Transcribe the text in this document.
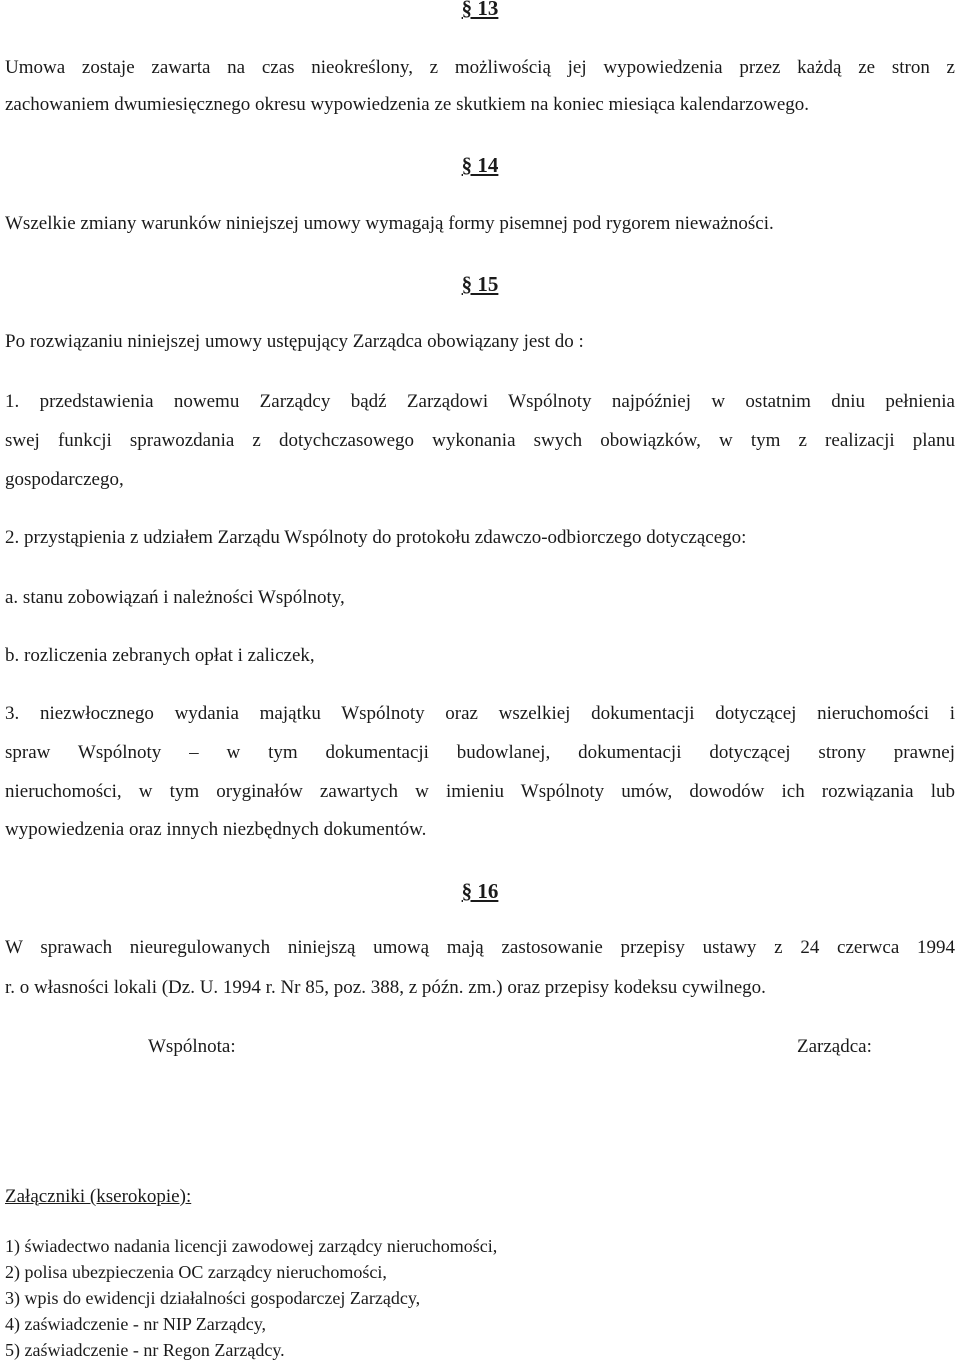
§ 13
Umowa zostaje zawarta na czas nieokreślony, z możliwością jej wypowiedzenia przez każdą ze stron z
zachowaniem dwumiesięcznego okresu wypowiedzenia ze skutkiem na koniec miesiąca kalendarzowego.
§ 14
Wszelkie zmiany warunków niniejszej umowy wymagają formy pisemnej pod rygorem nieważności.
§ 15
Po rozwiązaniu niniejszej umowy ustępujący Zarządca obowiązany jest do :
1. przedstawienia nowemu Zarządcy bądź Zarządowi Wspólnoty najpóźniej w ostatnim dniu pełnienia
swej funkcji sprawozdania z dotychczasowego wykonania swych obowiązków, w tym z realizacji planu
gospodarczego,
2. przystąpienia z udziałem Zarządu Wspólnoty do protokołu zdawczo-odbiorczego dotyczącego:
a. stanu zobowiązań i należności Wspólnoty,
b. rozliczenia zebranych opłat i zaliczek,
3. niezwłocznego wydania majątku Wspólnoty oraz wszelkiej dokumentacji dotyczącej nieruchomości i
spraw Wspólnoty – w tym dokumentacji budowlanej, dokumentacji dotyczącej strony prawnej
nieruchomości, w tym oryginałów zawartych w imieniu Wspólnoty umów, dowodów ich rozwiązania lub
wypowiedzenia oraz innych niezbędnych dokumentów.
§ 16
W sprawach nieuregulowanych niniejszą umową mają zastosowanie przepisy ustawy z 24 czerwca 1994
r. o własności lokali (Dz. U. 1994 r. Nr 85, poz. 388, z późn. zm.) oraz przepisy kodeksu cywilnego.
Wspólnota:	Zarządca:
Załączniki (kserokopie):
1) świadectwo nadania licencji zawodowej zarządcy nieruchomości,
2) polisa ubezpieczenia OC zarządcy nieruchomości,
3) wpis do ewidencji działalności gospodarczej Zarządcy,
4) zaświadczenie - nr NIP Zarządcy,
5) zaświadczenie - nr Regon Zarządcy.
